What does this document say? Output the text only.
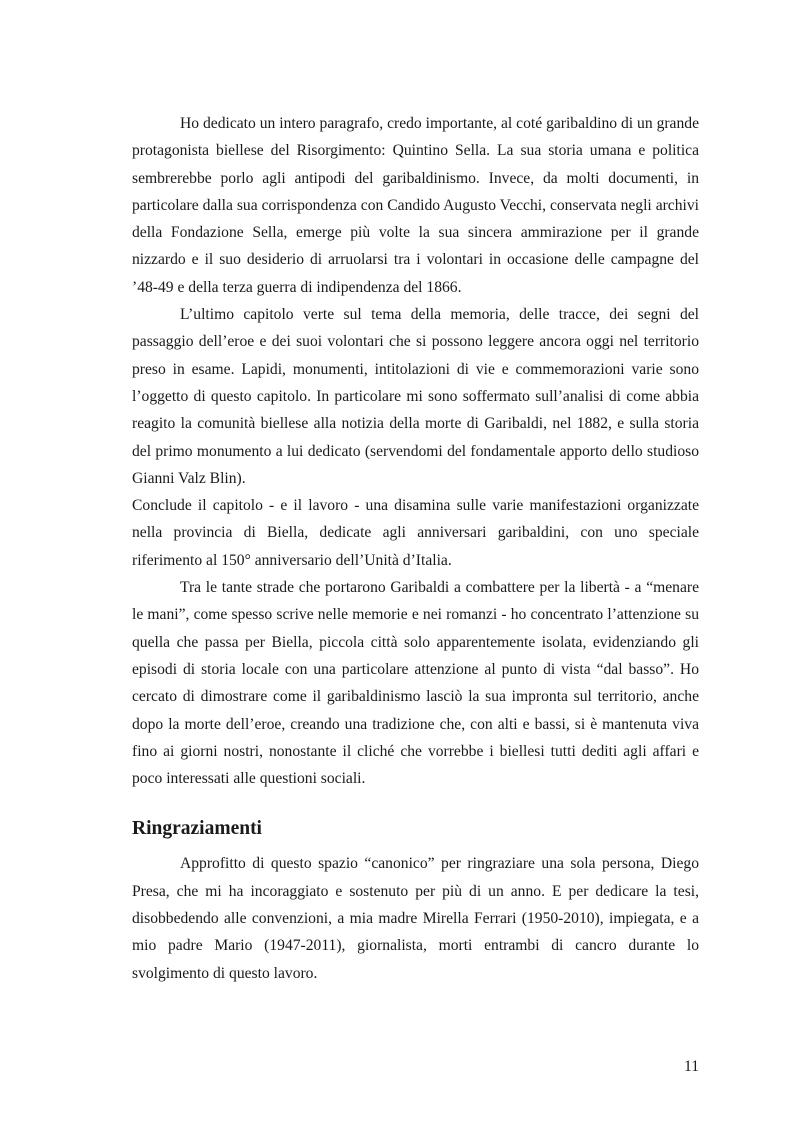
Ho dedicato un intero paragrafo, credo importante, al coté garibaldino di un grande protagonista biellese del Risorgimento: Quintino Sella. La sua storia umana e politica sembrerebbe porlo agli antipodi del garibaldinismo. Invece, da molti documenti, in particolare dalla sua corrispondenza con Candido Augusto Vecchi, conservata negli archivi della Fondazione Sella, emerge più volte la sua sincera ammirazione per il grande nizzardo e il suo desiderio di arruolarsi tra i volontari in occasione delle campagne del ’48-49 e della terza guerra di indipendenza del 1866.

L’ultimo capitolo verte sul tema della memoria, delle tracce, dei segni del passaggio dell’eroe e dei suoi volontari che si possono leggere ancora oggi nel territorio preso in esame. Lapidi, monumenti, intitolazioni di vie e commemorazioni varie sono l’oggetto di questo capitolo. In particolare mi sono soffermato sull’analisi di come abbia reagito la comunità biellese alla notizia della morte di Garibaldi, nel 1882, e sulla storia del primo monumento a lui dedicato (servendomi del fondamentale apporto dello studioso Gianni Valz Blin).

Conclude il capitolo - e il lavoro - una disamina sulle varie manifestazioni organizzate nella provincia di Biella, dedicate agli anniversari garibaldini, con uno speciale riferimento al 150° anniversario dell’Unità d’Italia.

Tra le tante strade che portarono Garibaldi a combattere per la libertà - a “menare le mani”, come spesso scrive nelle memorie e nei romanzi - ho concentrato l’attenzione su quella che passa per Biella, piccola città solo apparentemente isolata, evidenziando gli episodi di storia locale con una particolare attenzione al punto di vista “dal basso”. Ho cercato di dimostrare come il garibaldinismo lasciò la sua impronta sul territorio, anche dopo la morte dell’eroe, creando una tradizione che, con alti e bassi, si è mantenuta viva fino ai giorni nostri, nonostante il cliché che vorrebbe i biellesi tutti dediti agli affari e poco interessati alle questioni sociali.

Ringraziamenti

Approfitto di questo spazio “canonico” per ringraziare una sola persona, Diego Presa, che mi ha incoraggiato e sostenuto per più di un anno. E per dedicare la tesi, disobbedendo alle convenzioni, a mia madre Mirella Ferrari (1950-2010), impiegata, e a mio padre Mario (1947-2011), giornalista, morti entrambi di cancro durante lo svolgimento di questo lavoro.

11
